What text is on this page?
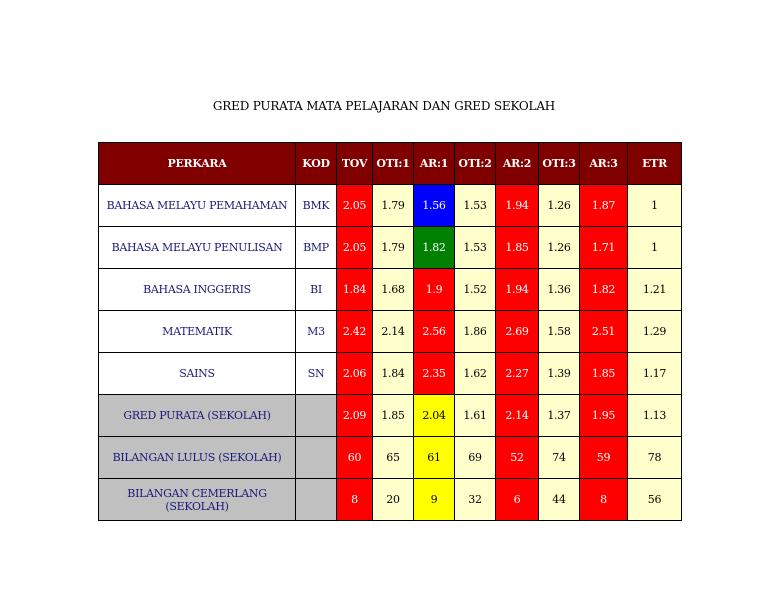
GRED PURATA MATA PELAJARAN DAN GRED SEKOLAH
PERKARA	KOD	TOV	OTI:1	AR:1	OTI:2	AR:2	OTI:3	AR:3	ETR
BAHASA MELAYU PEMAHAMAN	BMK	2.05	1.79	1.56	1.53	1.94	1.26	1.87	1
BAHASA MELAYU PENULISAN	BMP	2.05	1.79	1.82	1.53	1.85	1.26	1.71	1
BAHASA INGGERIS	BI	1.84	1.68	1.9	1.52	1.94	1.36	1.82	1.21
MATEMATIK	M3	2.42	2.14	2.56	1.86	2.69	1.58	2.51	1.29
SAINS	SN	2.06	1.84	2.35	1.62	2.27	1.39	1.85	1.17
GRED PURATA (SEKOLAH)		2.09	1.85	2.04	1.61	2.14	1.37	1.95	1.13
BILANGAN LULUS (SEKOLAH)		60	65	61	69	52	74	59	78
BILANGAN CEMERLANG (SEKOLAH)		8	20	9	32	6	44	8	56
